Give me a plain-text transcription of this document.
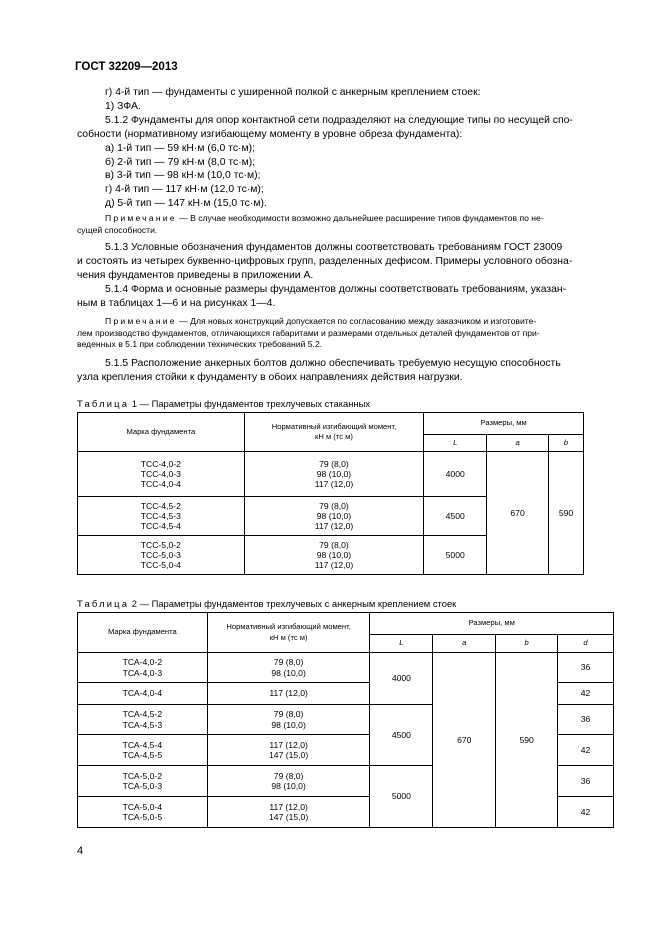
ГОСТ 32209—2013
г) 4-й тип — фундаменты с уширенной полкой с анкерным креплением стоек:
1) ЗФА.
5.1.2 Фундаменты для опор контактной сети подразделяют на следующие типы по несущей спо-
собности (нормативному изгибающему моменту в уровне обреза фундамента):
а) 1-й тип — 59 кН·м (6,0 тс·м);
б) 2-й тип — 79 кН·м (8,0 тс·м);
в) 3-й тип — 98 кН·м (10,0 тс·м);
г) 4-й тип — 117 кН·м (12,0 тс·м);
д) 5-й тип — 147 кН·м (15,0 тс·м).
Примечание — В случае необходимости возможно дальнейшее расширение типов фундаментов по не-
сущей способности.
5.1.3 Условные обозначения фундаментов должны соответствовать требованиям ГОСТ 23009
и состоять из четырех буквенно-цифровых групп, разделенных дефисом. Примеры условного обозна-
чения фундаментов приведены в приложении А.
5.1.4 Форма и основные размеры фундаментов должны соответствовать требованиям, указан-
ным в таблицах 1—6 и на рисунках 1—4.
Примечание — Для новых конструкций допускается по согласованию между заказчиком и изготовите-
лем производство фундаментов, отличающихся габаритами и размерами отдельных деталей фундаментов от при-
веденных в 5.1 при соблюдении технических требований 5.2.
5.1.5 Расположение анкерных болтов должно обеспечивать требуемую несущую способность
узла крепления стойки к фундаменту в обоих направлениях действия нагрузки.
Таблица 1 — Параметры фундаментов трехлучевых стаканных
Марка фундамента	Нормативный изгибающий момент,
кН м (тс м)	Размеры, мм		
		L	a	b
ТСС-4,0-2
ТСС-4,0-3
ТСС-4,0-4	79 (8,0)
98 (10,0)
117 (12,0)	4000	670	590
ТСС-4,5-2
ТСС-4,5-3
ТСС-4,5-4	79 (8,0)
98 (10,0)
117 (12,0)	4500		
ТСС-5,0-2
ТСС-5,0-3
ТСС-5,0-4	79 (8,0)
98 (10,0)
117 (12,0)	5000		
Таблица 2 — Параметры фундаментов трехлучевых с анкерным креплением стоек
Марка фундамента	Нормативный изгибающий момент,
кН м (тс м)	Размеры, мм			
		L	a	b	d
ТСА-4,0-2
ТСА-4,0-3	79 (8,0)
98 (10,0)	4000	670	590	36
ТСА-4,0-4	117 (12,0)				42
ТСА-4,5-2
ТСА-4,5-3	79 (8,0)
98 (10,0)	4500			36
ТСА-4,5-4
ТСА-4,5-5	117 (12,0)
147 (15,0)				42
ТСА-5,0-2
ТСА-5,0-3	79 (8,0)
98 (10,0)	5000			36
ТСА-5,0-4
ТСА-5,0-5	117 (12,0)
147 (15,0)				42
4
